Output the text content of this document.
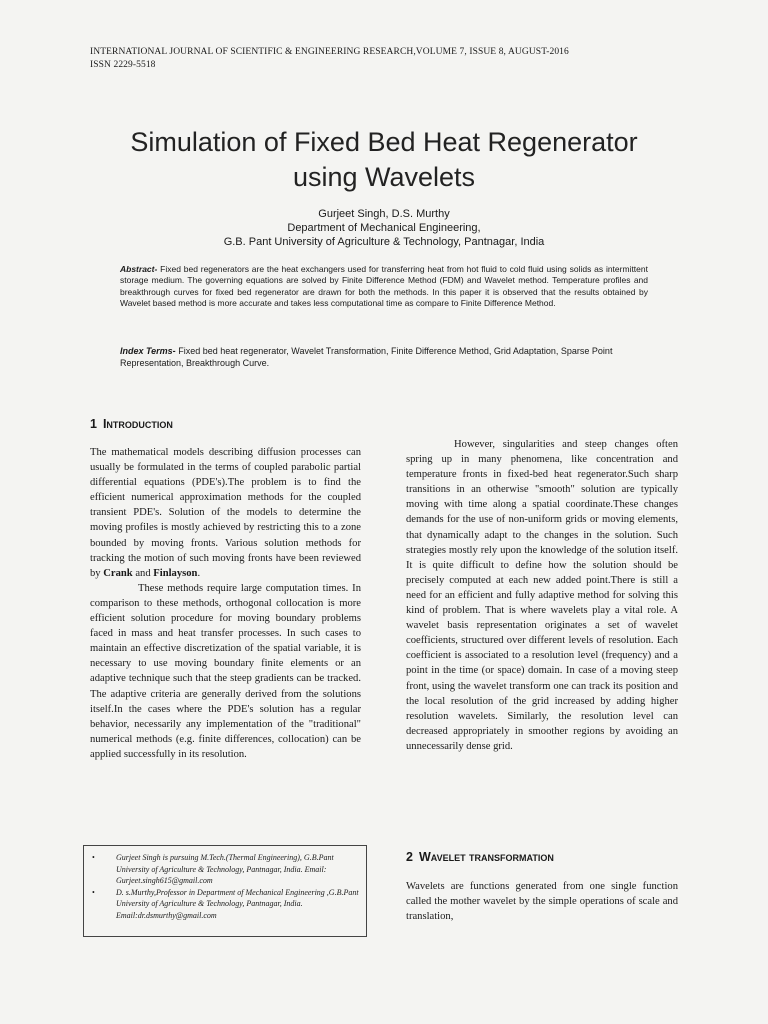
INTERNATIONAL JOURNAL OF SCIENTIFIC & ENGINEERING RESEARCH,VOLUME 7, ISSUE 8, AUGUST-2016
ISSN 2229-5518
Simulation of Fixed Bed Heat Regenerator
using Wavelets
Gurjeet Singh, D.S. Murthy
Department of Mechanical Engineering,
G.B. Pant University of Agriculture & Technology, Pantnagar, India
Abstract- Fixed bed regenerators are the heat exchangers used for transferring heat from hot fluid to cold fluid using solids as intermittent storage medium. The governing equations are solved by Finite Difference Method (FDM) and Wavelet method. Temperature profiles and breakthrough curves for fixed bed regenerator are drawn for both the methods. In this paper it is observed that the results obtained by Wavelet based method is more accurate and takes less computational time as compare to Finite Difference Method.
Index Terms- Fixed bed heat regenerator, Wavelet Transformation, Finite Difference Method, Grid Adaptation, Sparse Point Representation, Breakthrough Curve.
1 Introduction

The mathematical models describing diffusion processes can usually be formulated in the terms of coupled parabolic partial differential equations (PDE's).The problem is to find the efficient numerical approximation methods for the coupled transient PDE's. Solution of the models to determine the moving profiles is mostly achieved by restricting this to a zone bounded by moving fronts. Various solution methods for tracking the motion of such moving fronts have been reviewed by Crank and Finlayson.

These methods require large computation times. In comparison to these methods, orthogonal collocation is more efficient solution procedure for moving boundary problems faced in mass and heat transfer processes. In such cases to maintain an effective discretization of the spatial variable, it is necessary to use moving boundary finite elements or an adaptive technique such that the steep gradients can be tracked. The adaptive criteria are generally derived from the solutions itself.In the cases where the PDE's solution has a regular behavior, necessarily any implementation of the "traditional" numerical methods (e.g. finite differences, collocation) can be applied successfully in its resolution.

However, singularities and steep changes often spring up in many phenomena, like concentration and temperature fronts in fixed-bed heat regenerator.Such sharp transitions in an otherwise "smooth" solution are typically moving with time along a spatial coordinate.These changes demands for the use of non-uniform grids or moving elements, that dynamically adapt to the changes in the solution. Such strategies mostly rely upon the knowledge of the solution itself. It is quite difficult to define how the solution should be precisely computed at each new added point.There is still a need for an efficient and fully adaptive method for solving this kind of problem. That is where wavelets play a vital role. A wavelet basis representation originates a set of wavelet coefficients, structured over different levels of resolution. Each coefficient is associated to a resolution level (frequency) and a point in the time (or space) domain. In case of a moving steep front, using the wavelet transform one can track its position and the local resolution of the grid increased by adding higher resolution wavelets. Similarly, the resolution level can decreased appropriately in smoother regions by avoiding an unnecessarily dense grid.

2 Wavelet transformation

Wavelets are functions generated from one single function called the mother wavelet by the simple operations of scale and translation,

•	Gurjeet Singh is pursuing M.Tech.(Thermal Engineering), G.B.Pant University of Agriculture & Technology, Pantnagar, India. Email: Gurjeet.singh615@gmail.com
•	D. s.Murthy,Professor in Department of Mechanical Engineering ,G.B.Pant University of Agriculture & Technology, Pantnagar, India. Email:dr.dsmurthy@gmail.com
